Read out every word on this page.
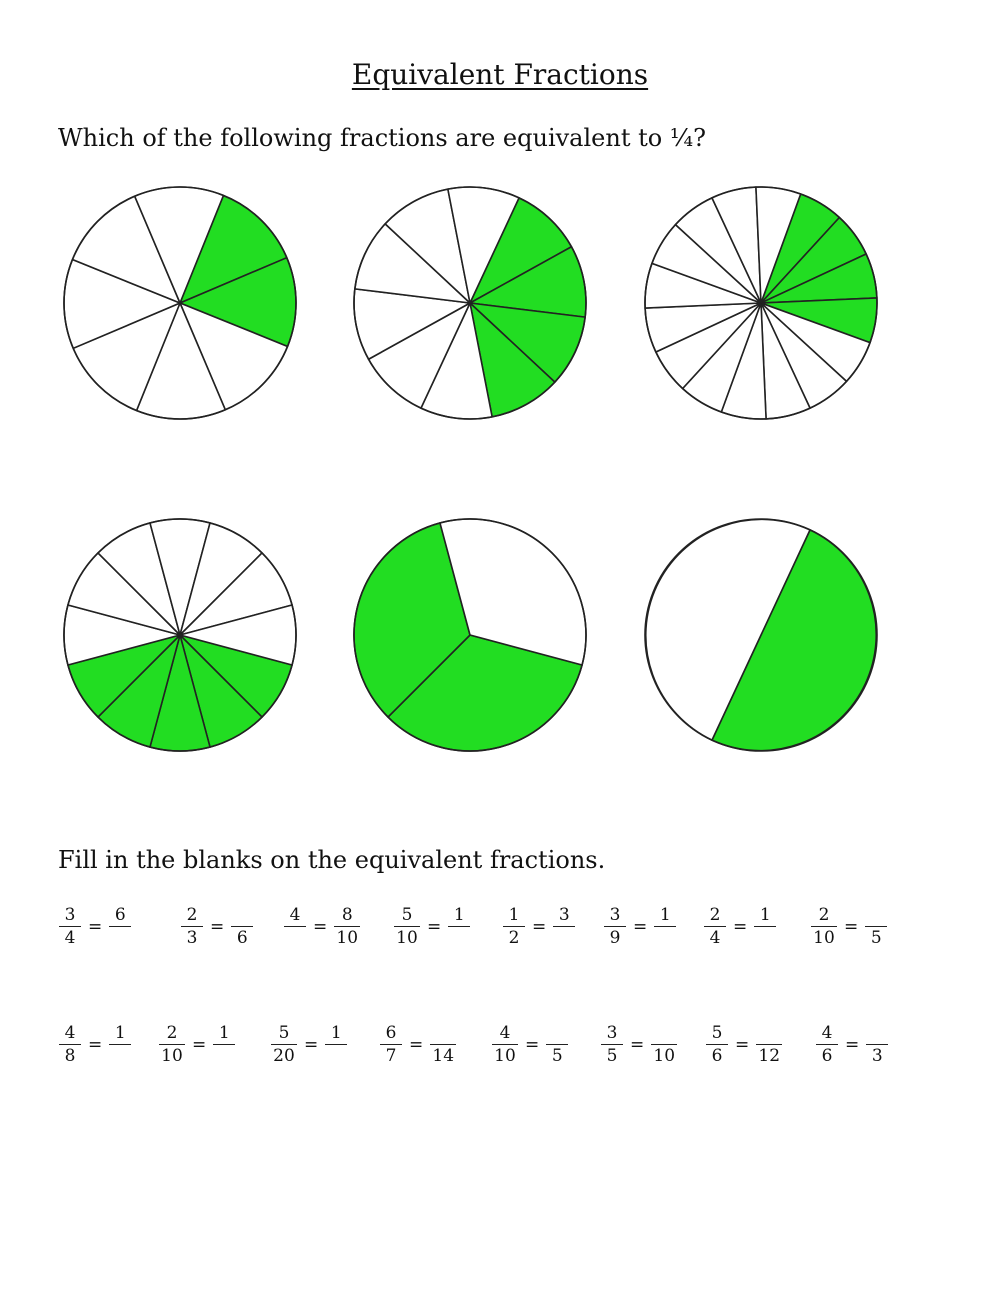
Equivalent Fractions
Which of the following fractions are equivalent to ¼?
Fill in the blanks on the equivalent fractions.
$\frac{3}{4}$ =
6	$\frac{2}{3}$ =
6
4
= $\frac{8}{10} \frac{5}{10}$ =
$1 \frac{1}{2}$ =
$3 \frac{3}{9}$ =
$1 \frac{2}{4}$ =
$1 \frac{2}{10}$ =
5
$\frac{4}{8}$ =
$1 \frac{2}{10}$ =
$1 \frac{5}{20}$ =
$1 \frac{6}{7}$ =
$14 \frac{4}{10}$ =
$5 \frac{3}{5}$ =
$10 \frac{5}{6}$ =
$12 \frac{4}{6}$ =
3
